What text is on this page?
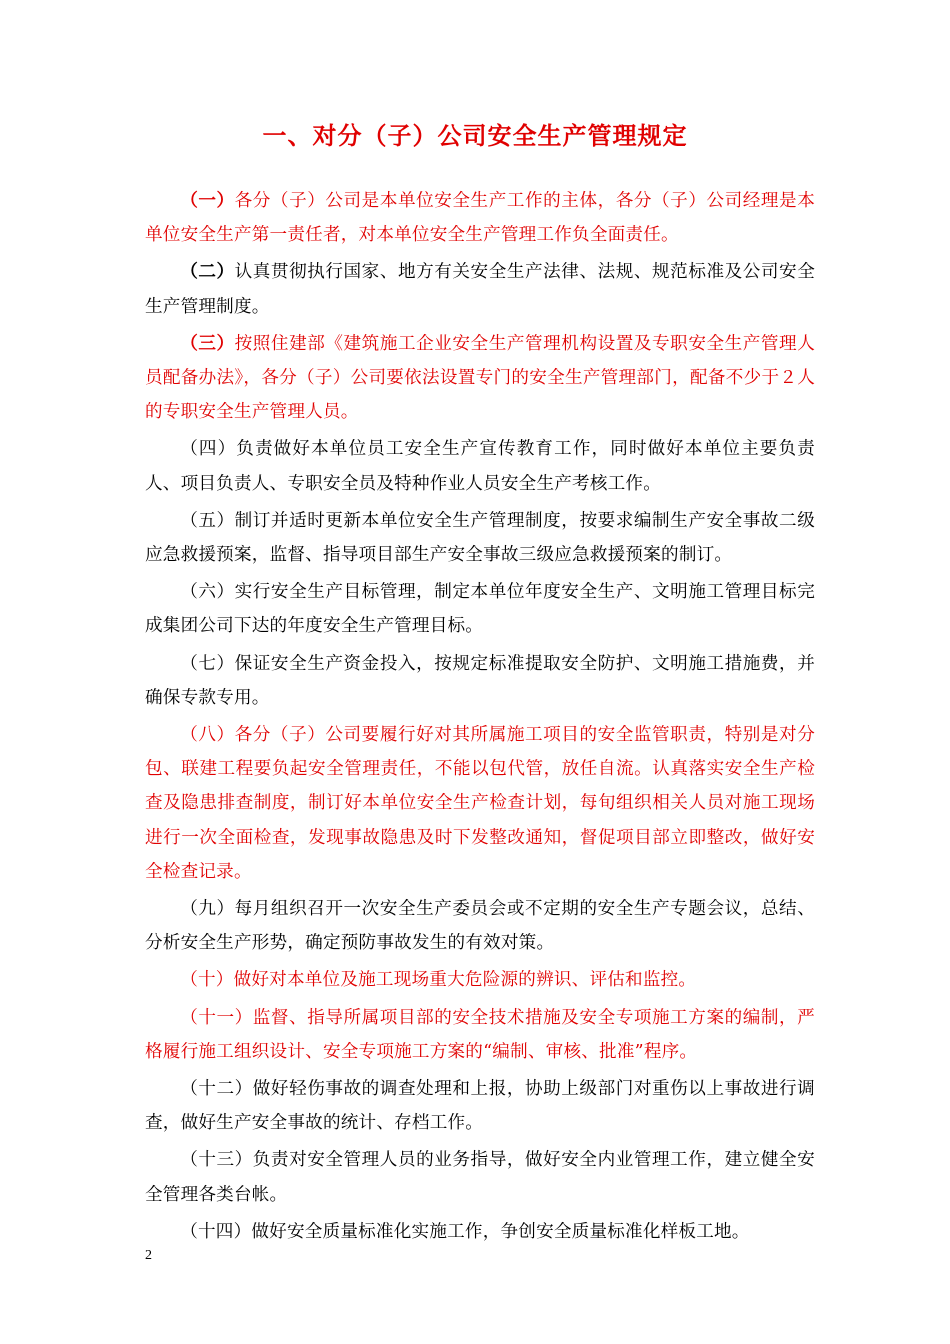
一、对分（子）公司安全生产管理规定

（一）各分（子）公司是本单位安全生产工作的主体，各分（子）公司经理是本单位安全生产第一责任者，对本单位安全生产管理工作负全面责任。

（二）认真贯彻执行国家、地方有关安全生产法律、法规、规范标准及公司安全生产管理制度。

（三）按照住建部《建筑施工企业安全生产管理机构设置及专职安全生产管理人员配备办法》，各分（子）公司要依法设置专门的安全生产管理部门，配备不少于２人的专职安全生产管理人员。

（四）负责做好本单位员工安全生产宣传教育工作，同时做好本单位主要负责人、项目负责人、专职安全员及特种作业人员安全生产考核工作。

（五）制订并适时更新本单位安全生产管理制度，按要求编制生产安全事故二级应急救援预案，监督、指导项目部生产安全事故三级应急救援预案的制订。

（六）实行安全生产目标管理，制定本单位年度安全生产、文明施工管理目标完成集团公司下达的年度安全生产管理目标。

（七）保证安全生产资金投入，按规定标准提取安全防护、文明施工措施费，并确保专款专用。

（八）各分（子）公司要履行好对其所属施工项目的安全监管职责，特别是对分包、联建工程要负起安全管理责任，不能以包代管，放任自流。认真落实安全生产检查及隐患排查制度，制订好本单位安全生产检查计划，每旬组织相关人员对施工现场进行一次全面检查，发现事故隐患及时下发整改通知，督促项目部立即整改，做好安全检查记录。

（九）每月组织召开一次安全生产委员会或不定期的安全生产专题会议，总结、分析安全生产形势，确定预防事故发生的有效对策。

（十）做好对本单位及施工现场重大危险源的辨识、评估和监控。

（十一）监督、指导所属项目部的安全技术措施及安全专项施工方案的编制，严格履行施工组织设计、安全专项施工方案的“编制、审核、批准”程序。

（十二）做好轻伤事故的调查处理和上报，协助上级部门对重伤以上事故进行调查，做好生产安全事故的统计、存档工作。

（十三）负责对安全管理人员的业务指导，做好安全内业管理工作，建立健全安全管理各类台帐。

（十四）做好安全质量标准化实施工作，争创安全质量标准化样板工地。

2
